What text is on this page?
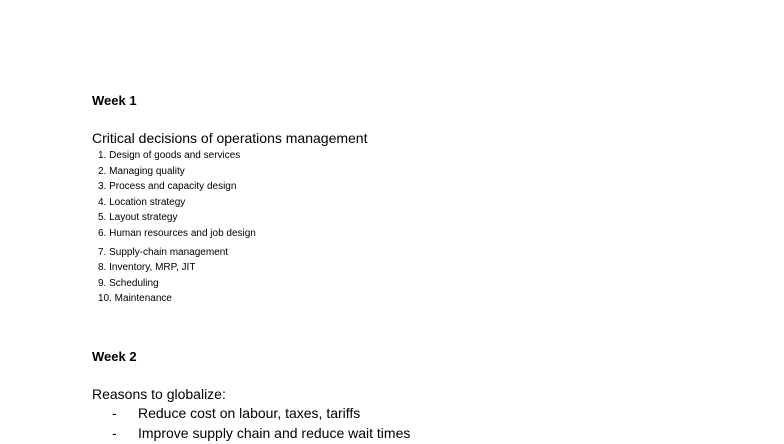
Week 1
Critical decisions of operations management
1. Design of goods and services
2. Managing quality
3. Process and capacity design
4. Location strategy
5. Layout strategy
6. Human resources and job design
7. Supply-chain management
8. Inventory, MRP, JIT
9. Scheduling
10. Maintenance
Week 2
Reasons to globalize:
- Reduce cost on labour, taxes, tariffs
- Improve supply chain and reduce wait times
